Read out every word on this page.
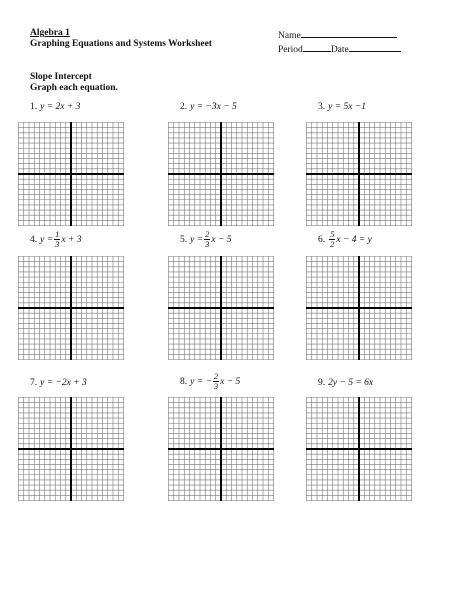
Algebra 1
Graphing Equations and Systems Worksheet
Name
Period	Date
Slope Intercept
Graph each equation.
1. y = 2x + 3	2. y = −3x − 5	3. y = 5x −1
4. $y = \frac{1}{3}$ x + 3	5. $y = \frac{2}{3}$ x − 5	6. $\frac{5}{2}$ x − 4 = y
7. y = −2x + 3	8. y = − $\frac{2}{3}$ x − 5	9. 2y − 5 = 6x
